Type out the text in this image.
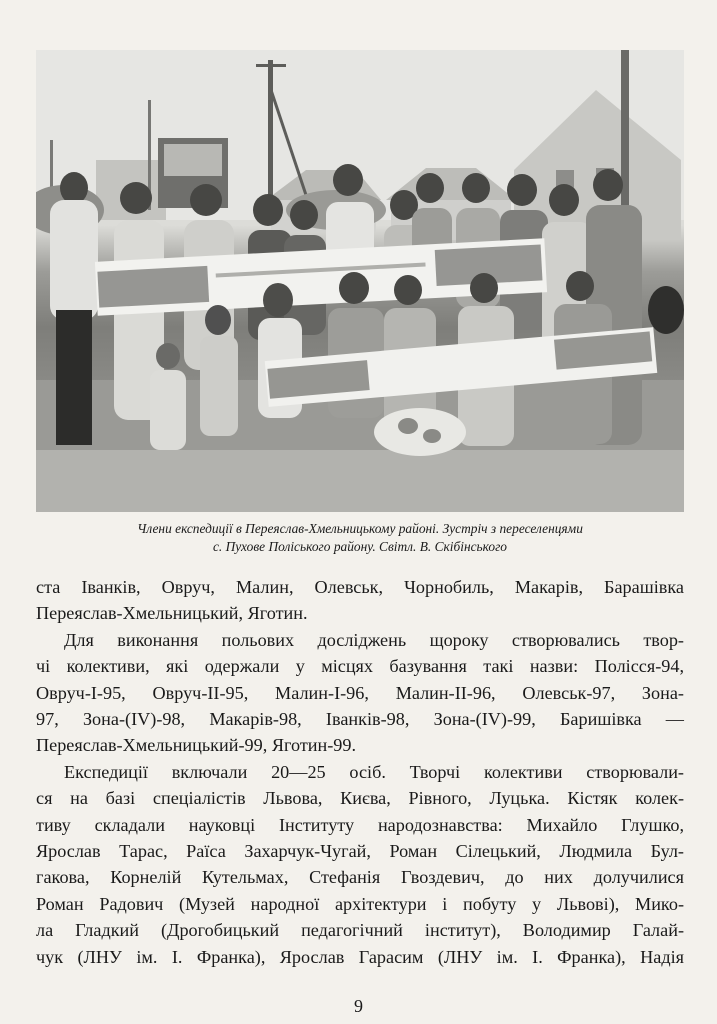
Члени експедиції в Переяслав-Хмельницькому районі. Зустріч з переселенцями
с. Пухове Поліського району. Світл. В. Скібінського
ста Іванків, Овруч, Малин, Олевськ, Чорнобиль, Макарів, Барашівка
Переяслав-Хмельницький, Яготин.
Для виконання польових досліджень щороку створювались твор-
чі колективи, які одержали у місцях базування такі назви: Полісся-94,
Овруч-І-95, Овруч-ІІ-95, Малин-І-96, Малин-ІІ-96, Олевськ-97, Зона-
97, Зона-(IV)-98, Макарів-98, Іванків-98, Зона-(IV)-99, Баришівка —
Переяслав-Хмельницький-99, Яготин-99.
Експедиції включали 20—25 осіб. Творчі колективи створювали-
ся на базі спеціалістів Львова, Києва, Рівного, Луцька. Кістяк колек-
тиву складали науковці Інституту народознавства: Михайло Глушко,
Ярослав Тарас, Раїса Захарчук-Чугай, Роман Сілецький, Людмила Бул-
гакова, Корнелій Кутельмах, Стефанія Гвоздевич, до них долучилися
Роман Радович (Музей народної архітектури і побуту у Львові), Мико-
ла Гладкий (Дрогобицький педагогічний інститут), Володимир Галай-
чук (ЛНУ ім. І. Франка), Ярослав Гарасим (ЛНУ ім. І. Франка), Надія
9
